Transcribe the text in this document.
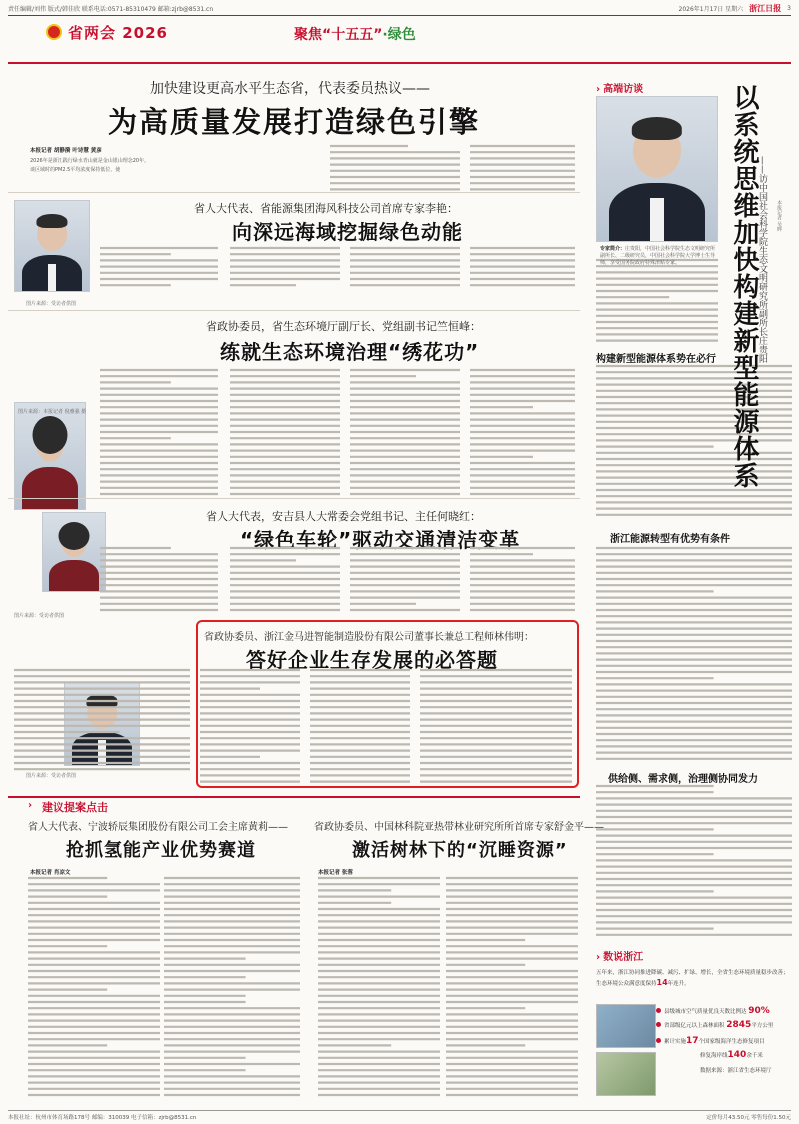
责任编辑/刘伟 版式/韩佳欣 联系电话:0571-85310479 邮箱:zjrb@8531.cn	2026年1月17日 星期六 浙江日报 3
省两会 2026	聚焦“十五五”·绿色
加快建设更高水平生态省，代表委员热议——
为高质量发展打造绿色引擎
本报记者 胡静漪 叶诗慧 黄彦
2026年是浙江践行绿水青山就是金山银山理念20年。
谈区域时的PM2.5平均浓度保持低位，使
省人大代表、省能源集团海风科技公司首席专家李艳：
向深远海域挖掘绿色动能
图片来源：受访者供图
省政协委员，省生态环境厅副厅长、党组副书记竺恒峰：
练就生态环境治理“绣花功”
图片来源：本报记者 倪雅强 摄
省人大代表，安吉县人大常委会党组书记、主任何晓红：
“绿色车轮”驱动交通清洁变革
图片来源：受访者供图
省政协委员、浙江金马进智能制造股份有限公司董事长兼总工程师林伟明：
答好企业生存发展的必答题
图片来源：受访者供图
› 建议提案点击
省人大代表、宁波轿辰集团股份有限公司工会主席黄莉——
抢抓氢能产业优势赛道
本报记者 肖凉文
省政协委员、中国林科院亚热带林业研究所所首席专家舒金平——
激活树林下的“沉睡资源”
本报记者 张蓉
› 高端访谈	以系统思维加快构建新型能源体系
——访中国社会科学院生态文明研究所副所长庄贵阳	本报记者 吴晔
专家简介：庄贵阳，中国社会科学院生态文明研究所副所长、二级研究员，中国社会科学院大学博士生导师，享受国务院政府特殊津贴专家。
构建新型能源体系势在必行
浙江能源转型有优势有条件
供给侧、需求侧，治理侧协同发力
› 数说浙江
五年来，浙江协同推进降碳、减污、扩绿、增长，全省生态环境质量稳步改善；生态环境公众满意度保持14年连升。
县级城市空气质量优良天数比例达 90%
省部级亿元以上森林面积 2845平方公里
累计实施17个国家级海洋生态修复项目
修复海岸线140余千米
数据来源：浙江省生态环境厅
本报社址：杭州市体育场路178号 邮编：310039 电子信箱：zjrb@8531.cn	定价每月43.50元 零售每份1.50元
